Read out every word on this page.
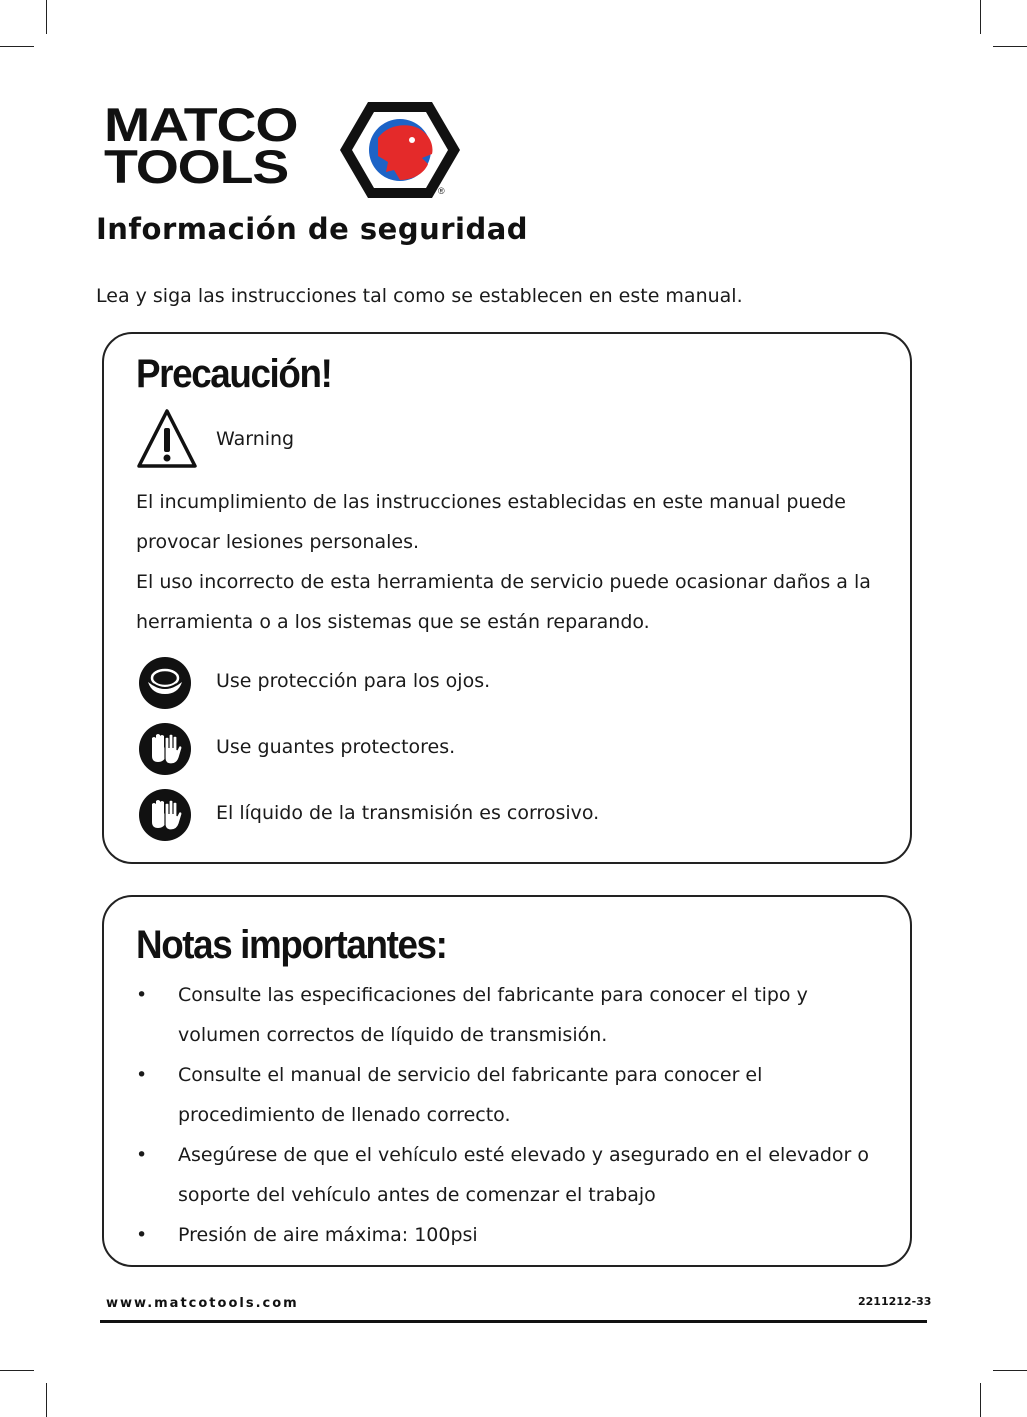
MATCO
TOOLS	®
Información de seguridad

Lea y siga las instrucciones tal como se establecen en este manual.

Precaución!
Warning

El incumplimiento de las instrucciones establecidas en este manual puede provocar lesiones personales.

El uso incorrecto de esta herramienta de servicio puede ocasionar daños a la herramienta o a los sistemas que se están reparando.

Use protección para los ojos.
Use guantes protectores.
El líquido de la transmisión es corrosivo.
Notas importantes:
• Consulte las especificaciones del fabricante para conocer el tipo y volumen correctos de líquido de transmisión.
• Consulte el manual de servicio del fabricante para conocer el procedimiento de llenado correcto.
• Asegúrese de que el vehículo esté elevado y asegurado en el elevador o soporte del vehículo antes de comenzar el trabajo
• Presión de aire máxima: 100psi
www.matcotools.com	2211212-33
